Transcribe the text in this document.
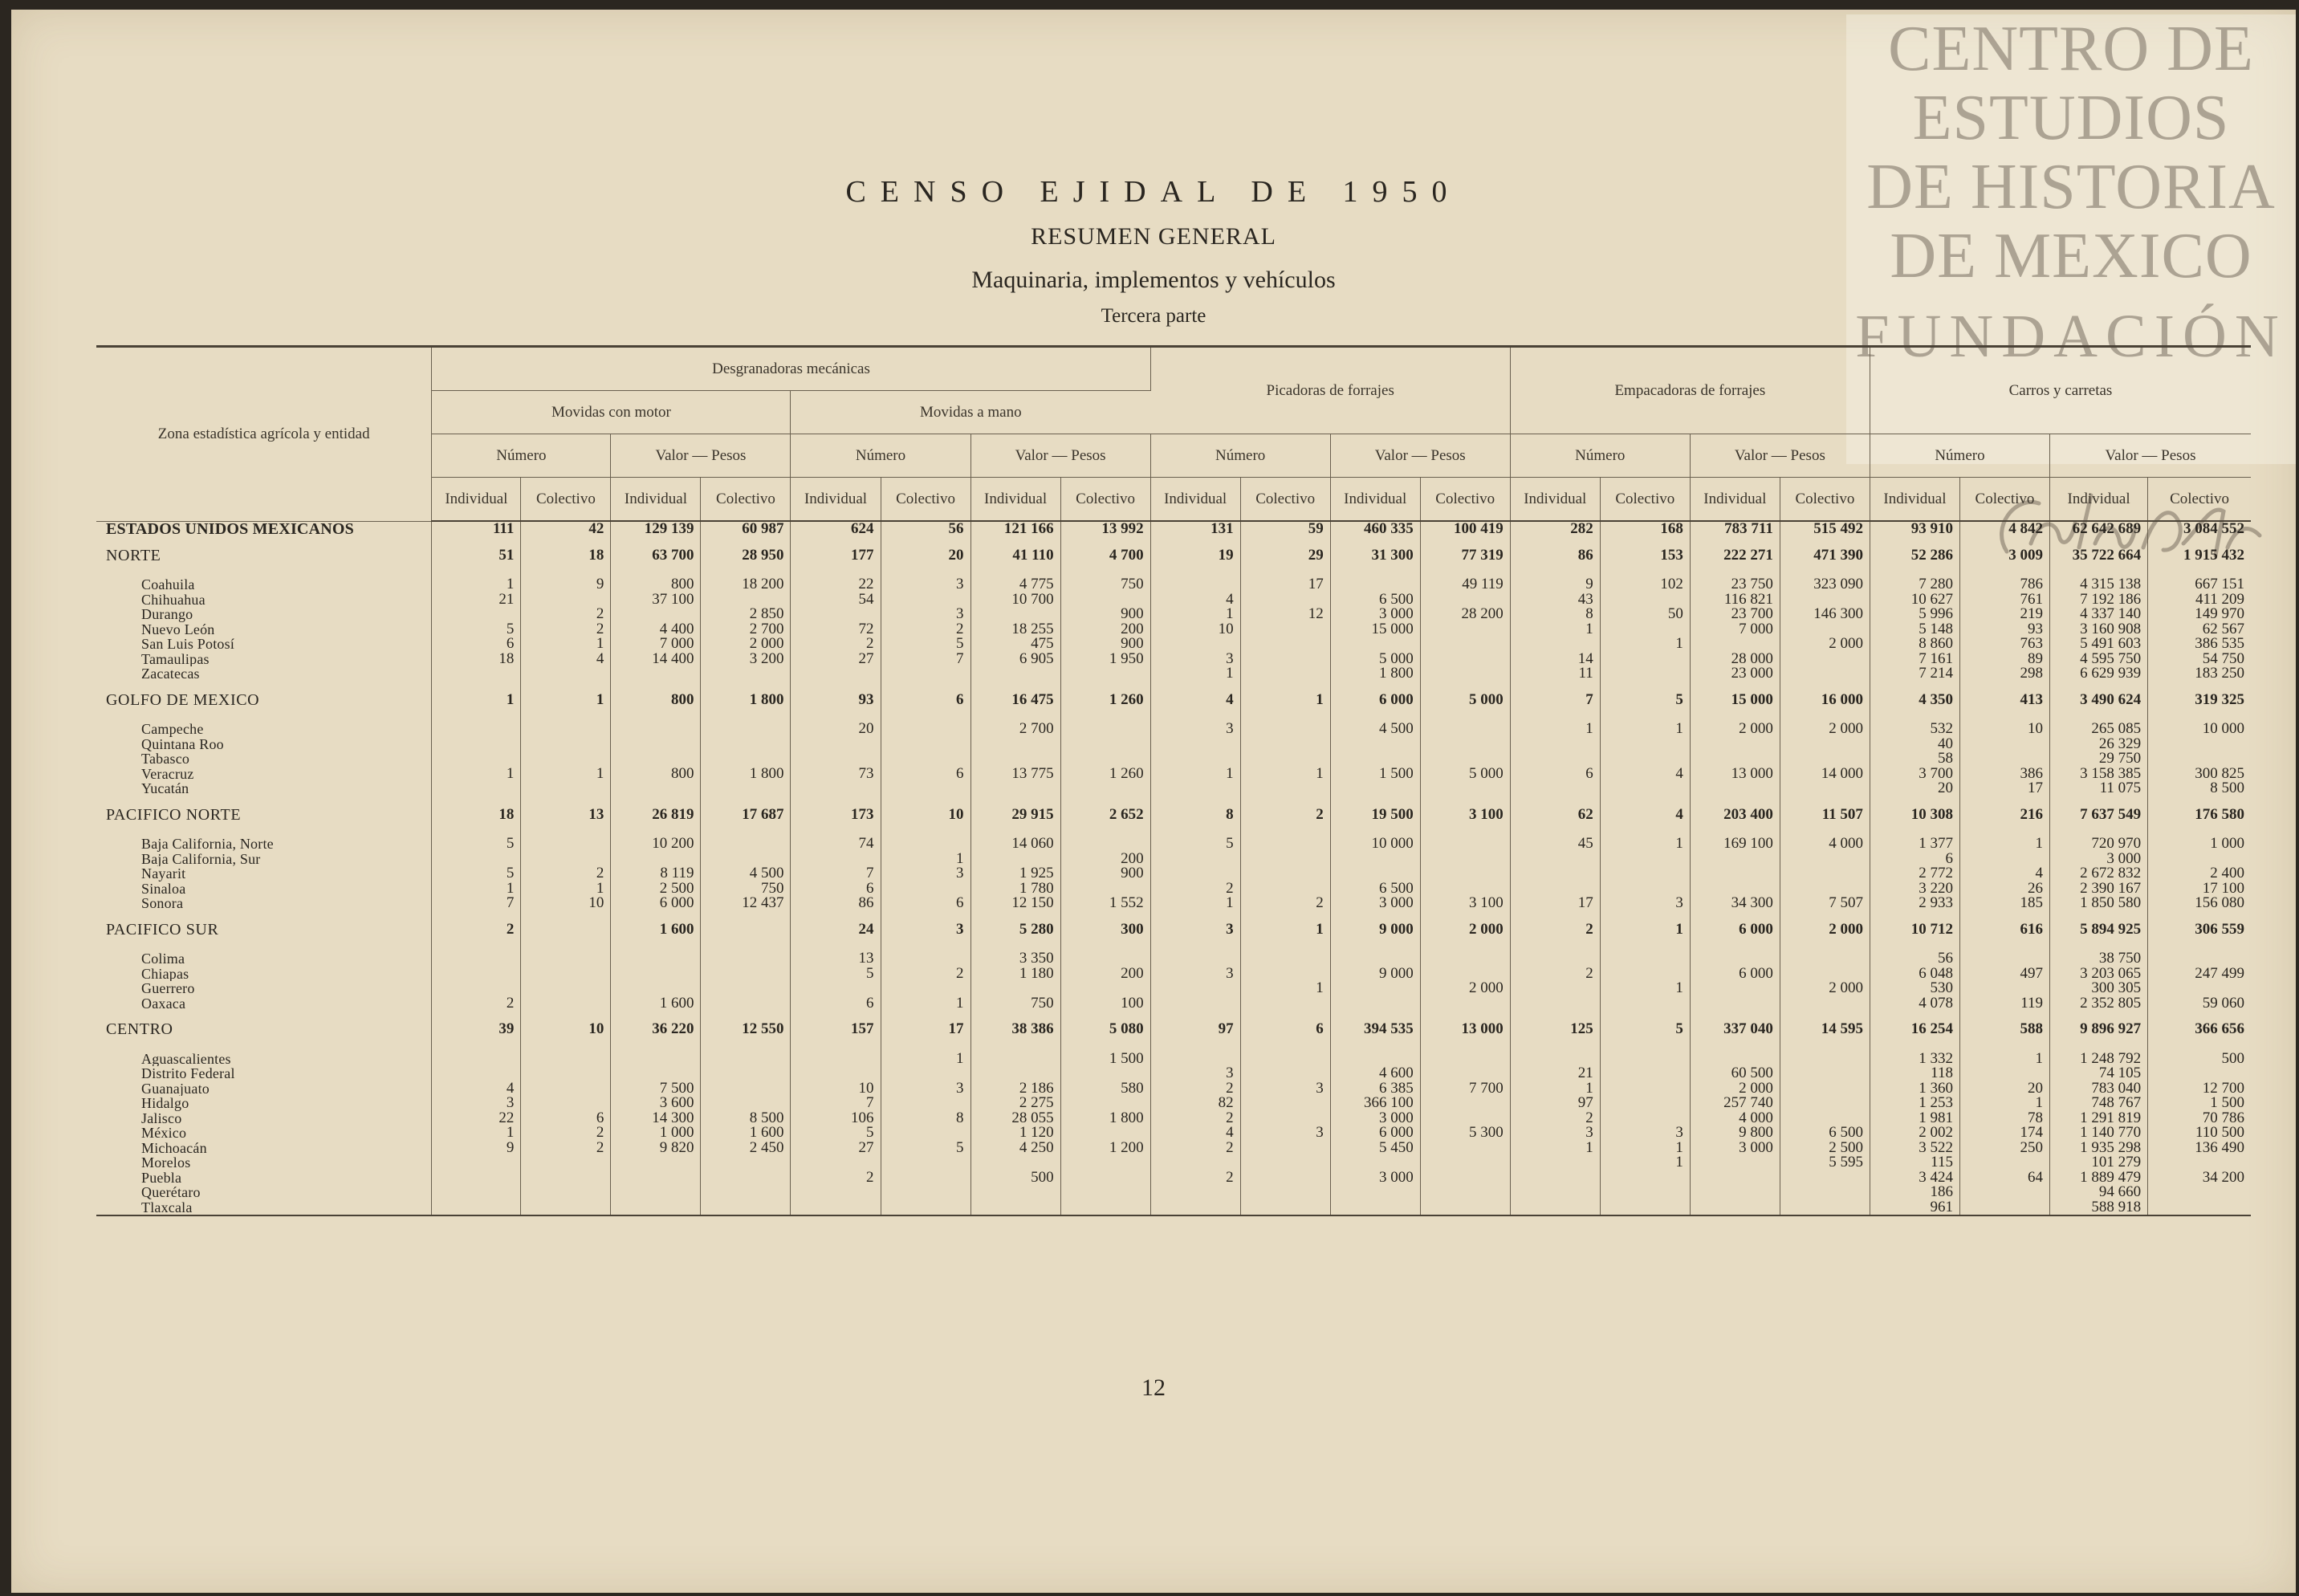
CENTRO DE
ESTUDIOS
DE HISTORIA
DE MEXICO
FUNDACIÓN
CENSO EJIDAL DE 1950
RESUMEN GENERAL
Maquinaria, implementos y vehículos
Tercera parte
Zona estadística agrícola y entidad	Desgranadoras mecánicas								Picadoras de forrajes				Empacadoras de forrajes				Carros y carretas			
	Movidas con motor				Movidas a mano															
	Número		Valor — Pesos		Número		Valor — Pesos		Número		Valor — Pesos		Número		Valor — Pesos		Número		Valor — Pesos	
	Individual	Colectivo	Individual	Colectivo	Individual	Colectivo	Individual	Colectivo	Individual	Colectivo	Individual	Colectivo	Individual	Colectivo	Individual	Colectivo	Individual	Colectivo	Individual	Colectivo
ESTADOS UNIDOS MEXICANOS	111	42	129 139	60 987	624	56	121 166	13 992	131	59	460 335	100 419	282	168	783 711	515 492	93 910	4 842	62 642 689	3 084 552

NORTE	51	18	63 700	28 950	177	20	41 110	4 700	19	29	31 300	77 319	86	153	222 271	471 390	52 286	3 009	35 722 664	1 915 432

Coahuila	1	9	800	18 200	22	3	4 775	750		17		49 119	9	102	23 750	323 090	7 280	786	4 315 138	667 151
Chihuahua	21		37 100		54		10 700		4		6 500		43		116 821		10 627	761	7 192 186	411 209
Durango		2		2 850		3		900	1	12	3 000	28 200	8	50	23 700	146 300	5 996	219	4 337 140	149 970
Nuevo León	5	2	4 400	2 700	72	2	18 255	200	10		15 000		1		7 000		5 148	93	3 160 908	62 567
San Luis Potosí	6	1	7 000	2 000	2	5	475	900						1		2 000	8 860	763	5 491 603	386 535
Tamaulipas	18	4	14 400	3 200	27	7	6 905	1 950	3		5 000		14		28 000		7 161	89	4 595 750	54 750
Zacatecas									1		1 800		11		23 000		7 214	298	6 629 939	183 250

GOLFO DE MEXICO	1	1	800	1 800	93	6	16 475	1 260	4	1	6 000	5 000	7	5	15 000	16 000	4 350	413	3 490 624	319 325

Campeche					20		2 700		3		4 500		1	1	2 000	2 000	532	10	265 085	10 000
Quintana Roo																	40		26 329	
Tabasco																	58		29 750	
Veracruz	1	1	800	1 800	73	6	13 775	1 260	1	1	1 500	5 000	6	4	13 000	14 000	3 700	386	3 158 385	300 825
Yucatán																	20	17	11 075	8 500

PACIFICO NORTE	18	13	26 819	17 687	173	10	29 915	2 652	8	2	19 500	3 100	62	4	203 400	11 507	10 308	216	7 637 549	176 580

Baja California, Norte	5		10 200		74		14 060		5		10 000		45	1	169 100	4 000	1 377	1	720 970	1 000
Baja California, Sur						1		200									6		3 000	
Nayarit	5	2	8 119	4 500	7	3	1 925	900									2 772	4	2 672 832	2 400
Sinaloa	1	1	2 500	750	6		1 780		2		6 500						3 220	26	2 390 167	17 100
Sonora	7	10	6 000	12 437	86	6	12 150	1 552	1	2	3 000	3 100	17	3	34 300	7 507	2 933	185	1 850 580	156 080

PACIFICO SUR	2		1 600		24	3	5 280	300	3	1	9 000	2 000	2	1	6 000	2 000	10 712	616	5 894 925	306 559

Colima					13		3 350										56		38 750	
Chiapas					5	2	1 180	200	3		9 000		2		6 000		6 048	497	3 203 065	247 499
Guerrero										1		2 000		1		2 000	530		300 305	
Oaxaca	2		1 600		6	1	750	100									4 078	119	2 352 805	59 060

CENTRO	39	10	36 220	12 550	157	17	38 386	5 080	97	6	394 535	13 000	125	5	337 040	14 595	16 254	588	9 896 927	366 656

Aguascalientes						1		1 500									1 332	1	1 248 792	500
Distrito Federal									3		4 600		21		60 500		118		74 105	
Guanajuato	4		7 500		10	3	2 186	580	2	3	6 385	7 700	1		2 000		1 360	20	783 040	12 700
Hidalgo	3		3 600		7		2 275		82		366 100		97		257 740		1 253	1	748 767	1 500
Jalisco	22	6	14 300	8 500	106	8	28 055	1 800	2		3 000		2		4 000		1 981	78	1 291 819	70 786
México	1	2	1 000	1 600	5		1 120		4	3	6 000	5 300	3	3	9 800	6 500	2 002	174	1 140 770	110 500
Michoacán	9	2	9 820	2 450	27	5	4 250	1 200	2		5 450		1	1	3 000	2 500	3 522	250	1 935 298	136 490
Morelos														1		5 595	115		101 279	
Puebla					2		500		2		3 000						3 424	64	1 889 479	34 200
Querétaro																	186		94 660	
Tlaxcala																	961		588 918	
12
